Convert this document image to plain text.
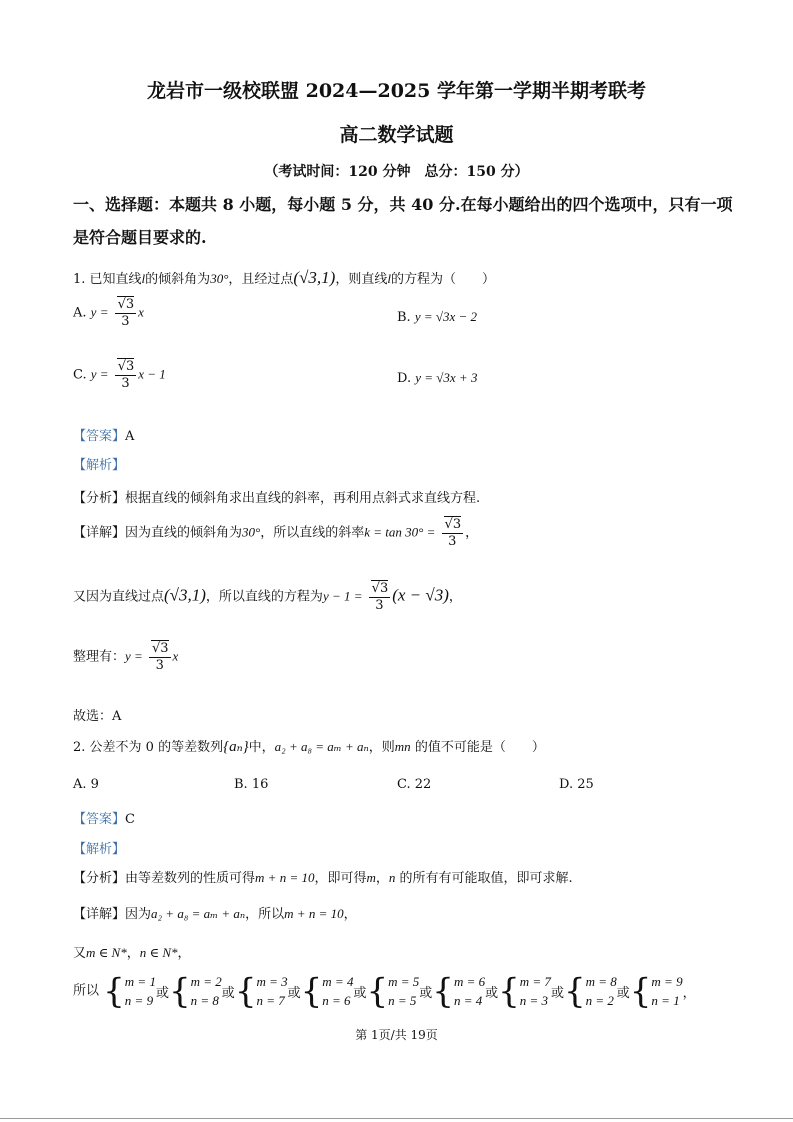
龙岩市一级校联盟 2024—2025 学年第一学期半期考联考
高二数学试题
（考试时间：120 分钟　总分：150 分）
一、选择题：本题共 8 小题，每小题 5 分，共 40 分.在每小题给出的四个选项中，只有一项
是符合题目要求的.
1. 已知直线l的倾斜角为30°，且经过点(√3,1)，则直线l的方程为（　　）
A. $y = \frac{√3}{3}$ x	B. y = √3x − 2
C. $y = \frac{√3}{3}$ x − 1	D. y = √3x + 3
【答案】A
【解析】
【分析】根据直线的倾斜角求出直线的斜率，再利用点斜式求直线方程.
【详解】因为直线的倾斜角为30°，所以直线的斜率$k = \tan 30^\circ = \frac{√3}{3}$ ，
又因为直线过点(√3,1)，所以直线的方程为$y - 1 = \frac{√3}{3} (x - √3)$，
整理有：$y = \frac{√3}{3}$ x
故选：A
2. 公差不为 0 的等差数列{aₙ}中，a₂ + a₈ = aₘ + aₙ，则mn 的值不可能是（　　）
A. 9	B. 16	C. 22	D. 25
【答案】C
【解析】
【分析】由等差数列的性质可得m + n = 10，即可得m，n 的所有有可能取值，即可求解.
【详解】因为a₂ + a₈ = aₘ + aₙ，所以m + n = 10，
又m ∈ N*，n ∈ N*，
所以 { m = 1
n = 9 或{ m = 2
n = 8 或{ m = 3
n = 7 或{ m = 4
n = 6 或{ m = 5
n = 5 或{ m = 6
n = 4 或{ m = 7
n = 3 或{ m = 8
n = 2 或{ m = 9
n = 1 ，
第 1页/共 19页
